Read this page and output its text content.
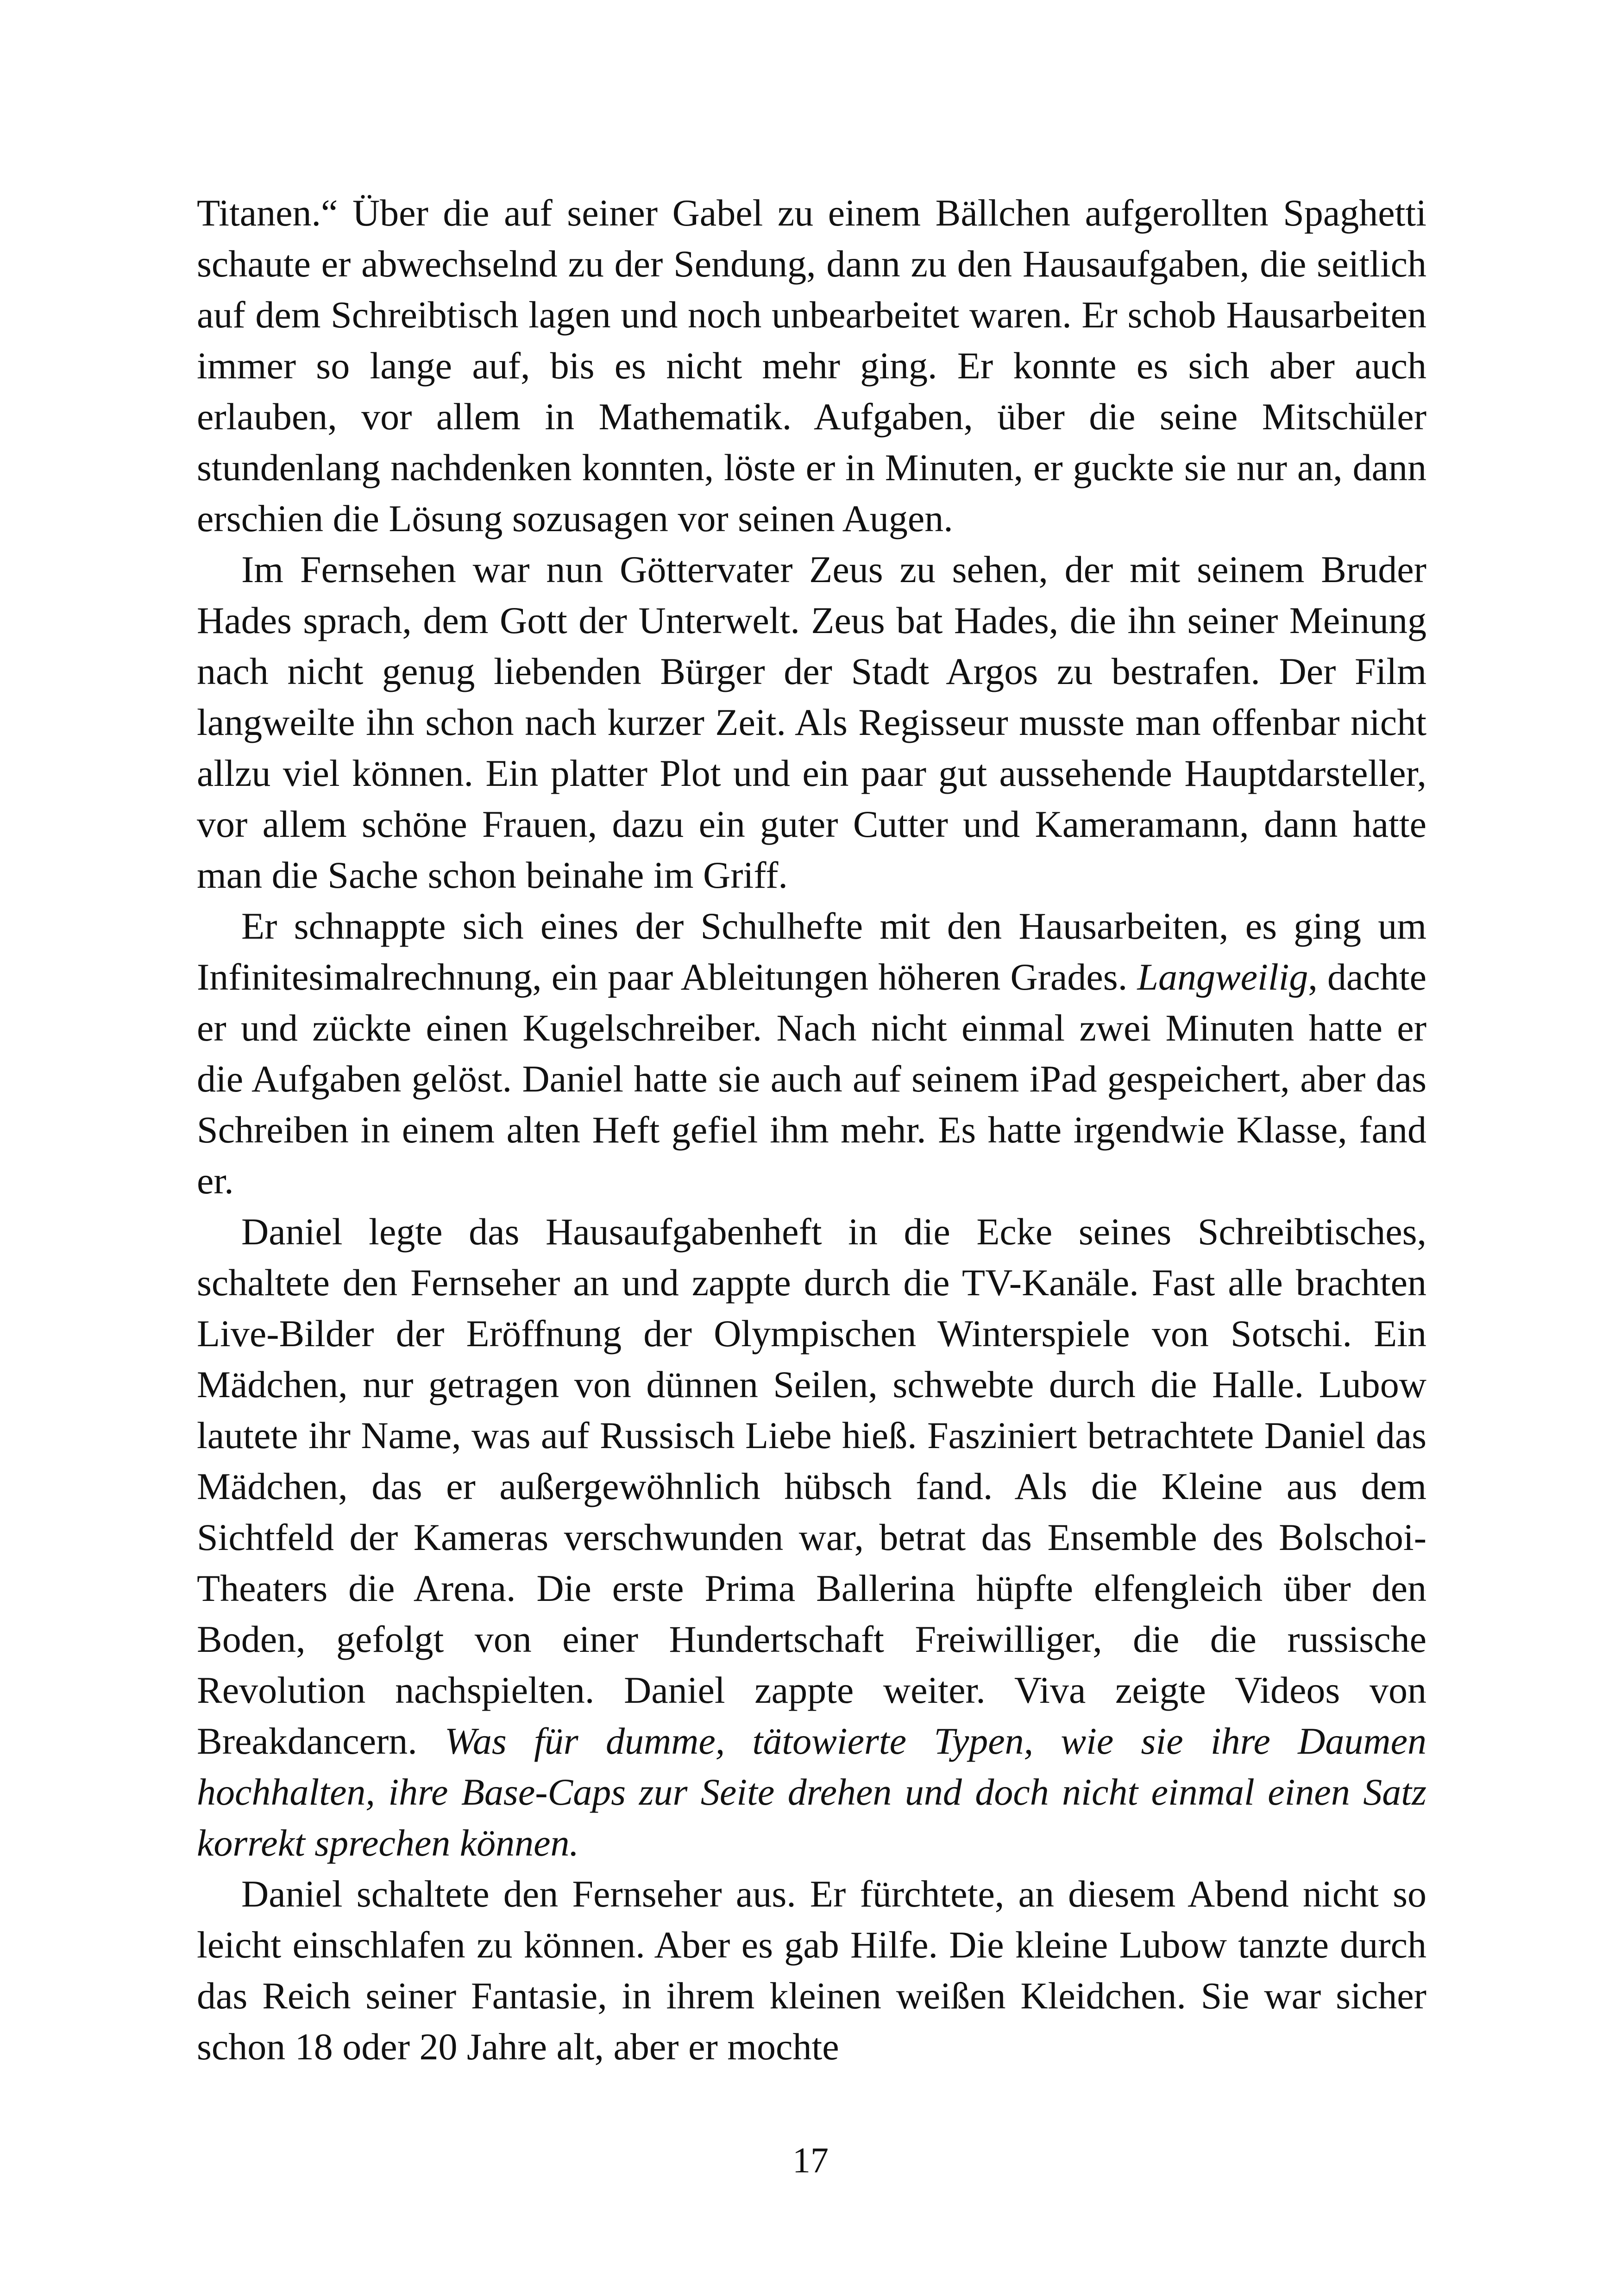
Titanen.“ Über die auf seiner Gabel zu einem Bällchen aufgerollten Spaghetti schaute er abwechselnd zu der Sendung, dann zu den Hausaufgaben, die seitlich auf dem Schreibtisch lagen und noch unbearbeitet waren. Er schob Hausarbeiten immer so lange auf, bis es nicht mehr ging. Er konnte es sich aber auch erlauben, vor allem in Mathematik. Aufgaben, über die seine Mitschüler stundenlang nachdenken konnten, löste er in Minuten, er guckte sie nur an, dann erschien die Lösung sozusagen vor seinen Augen.

Im Fernsehen war nun Göttervater Zeus zu sehen, der mit seinem Bruder Hades sprach, dem Gott der Unterwelt. Zeus bat Hades, die ihn seiner Meinung nach nicht genug liebenden Bürger der Stadt Argos zu bestrafen. Der Film langweilte ihn schon nach kurzer Zeit. Als Regisseur musste man offenbar nicht allzu viel können. Ein platter Plot und ein paar gut aussehende Hauptdarsteller, vor allem schöne Frauen, dazu ein guter Cutter und Kameramann, dann hatte man die Sache schon beinahe im Griff.

Er schnappte sich eines der Schulhefte mit den Hausarbeiten, es ging um Infinitesimalrechnung, ein paar Ableitungen höheren Grades. Langweilig, dachte er und zückte einen Kugelschreiber. Nach nicht einmal zwei Minuten hatte er die Aufgaben gelöst. Daniel hatte sie auch auf seinem iPad gespeichert, aber das Schreiben in einem alten Heft gefiel ihm mehr. Es hatte irgendwie Klasse, fand er.

Daniel legte das Hausaufgabenheft in die Ecke seines Schreibtisches, schaltete den Fernseher an und zappte durch die TV-Kanäle. Fast alle brachten Live-Bilder der Eröffnung der Olympischen Winterspiele von Sotschi. Ein Mädchen, nur getragen von dünnen Seilen, schwebte durch die Halle. Lubow lautete ihr Name, was auf Russisch Liebe hieß. Fasziniert betrachtete Daniel das Mädchen, das er außergewöhnlich hübsch fand. Als die Kleine aus dem Sichtfeld der Kameras verschwunden war, betrat das Ensemble des Bolschoi-Theaters die Arena. Die erste Prima Ballerina hüpfte elfengleich über den Boden, gefolgt von einer Hundertschaft Freiwilliger, die die russische Revolution nachspielten. Daniel zappte weiter. Viva zeigte Videos von Breakdancern. Was für dumme, tätowierte Typen, wie sie ihre Daumen hochhalten, ihre Base-Caps zur Seite drehen und doch nicht einmal einen Satz korrekt sprechen können.

Daniel schaltete den Fernseher aus. Er fürchtete, an diesem Abend nicht so leicht einschlafen zu können. Aber es gab Hilfe. Die kleine Lubow tanzte durch das Reich seiner Fantasie, in ihrem kleinen weißen Kleidchen. Sie war sicher schon 18 oder 20 Jahre alt, aber er mochte

17
